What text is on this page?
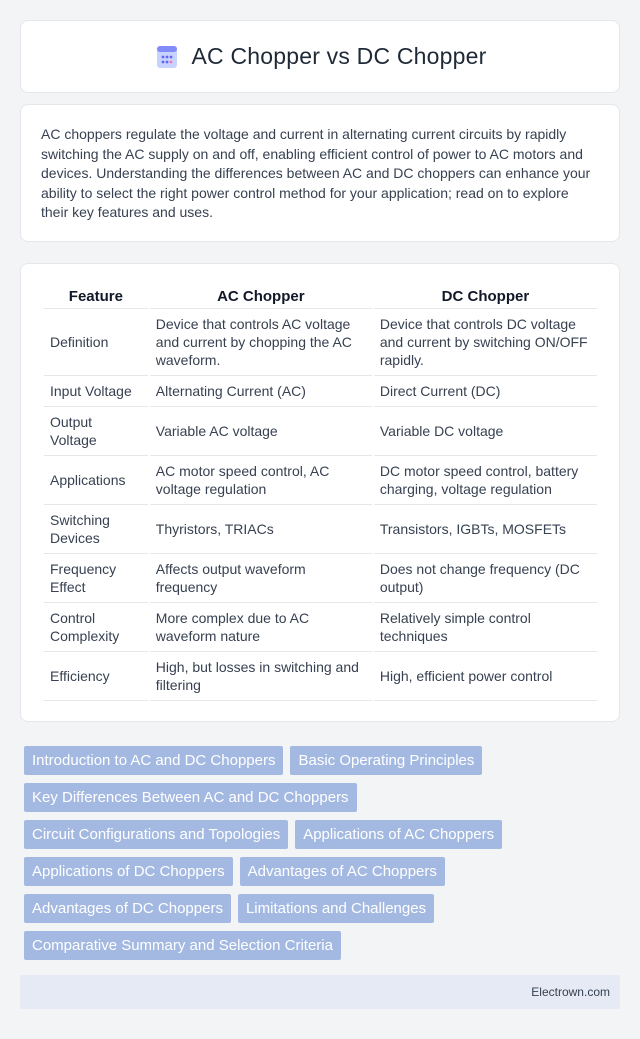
AC Chopper vs DC Chopper

AC choppers regulate the voltage and current in alternating current circuits by rapidly switching the AC supply on and off, enabling efficient control of power to AC motors and devices. Understanding the differences between AC and DC choppers can enhance your ability to select the right power control method for your application; read on to explore their key features and uses.

Feature	AC Chopper	DC Chopper
Definition	Device that controls AC voltage and current by chopping the AC waveform.	Device that controls DC voltage and current by switching ON/OFF rapidly.
Input Voltage	Alternating Current (AC)	Direct Current (DC)
Output Voltage	Variable AC voltage	Variable DC voltage
Applications	AC motor speed control, AC voltage regulation	DC motor speed control, battery charging, voltage regulation
Switching Devices	Thyristors, TRIACs	Transistors, IGBTs, MOSFETs
Frequency Effect	Affects output waveform frequency	Does not change frequency (DC output)
Control Complexity	More complex due to AC waveform nature	Relatively simple control techniques
Efficiency	High, but losses in switching and filtering	High, efficient power control
Introduction to AC and DC Choppers	Basic Operating Principles
Key Differences Between AC and DC Choppers
Circuit Configurations and Topologies	Applications of AC Choppers
Applications of DC Choppers	Advantages of AC Choppers
Advantages of DC Choppers	Limitations and Challenges
Comparative Summary and Selection Criteria
Electrown.com
